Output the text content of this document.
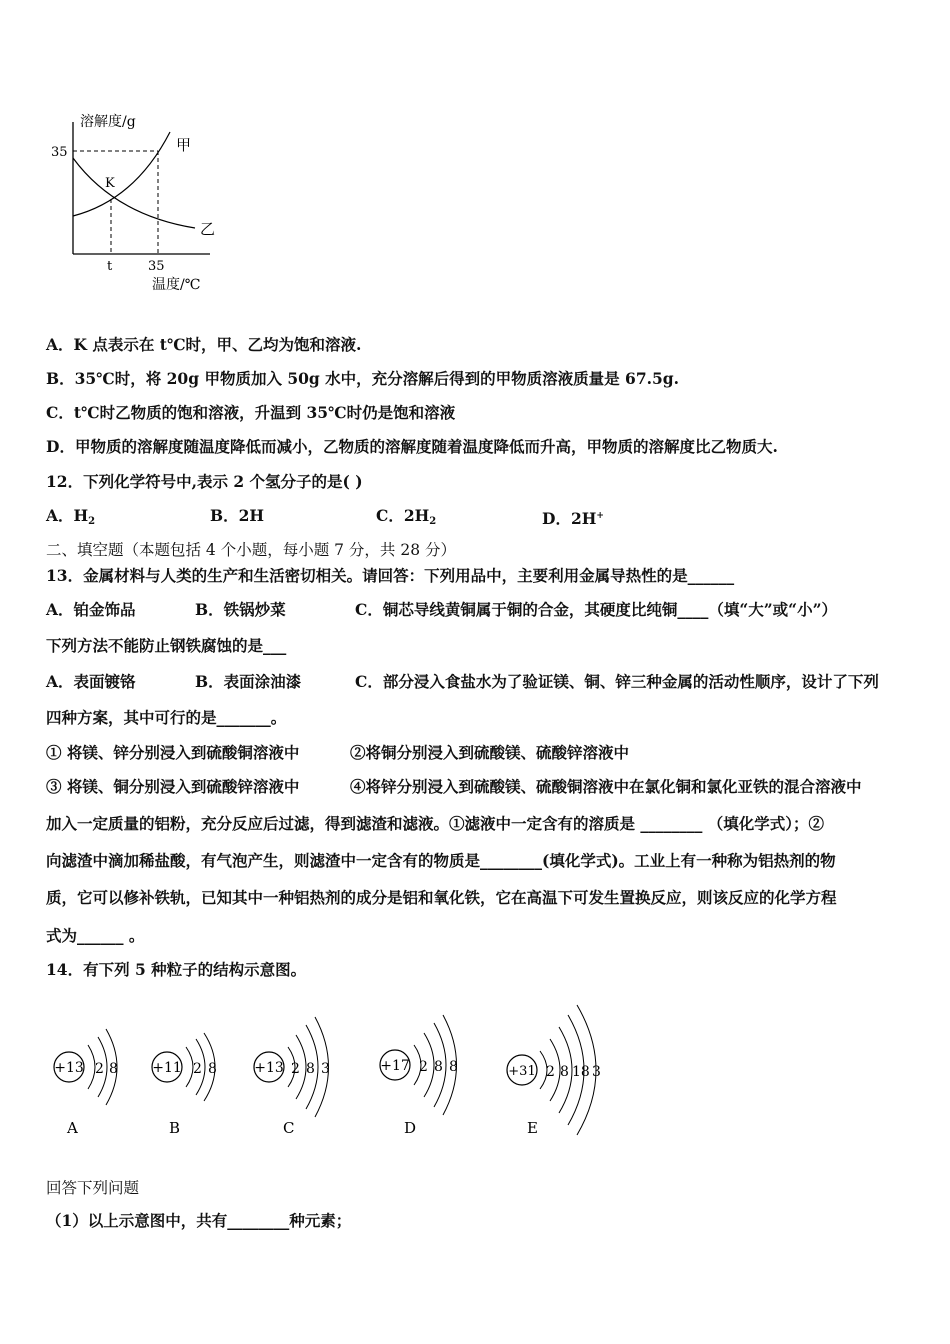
溶解度/g
35
K
甲
乙
t	35
温度/℃
A．K 点表示在 t℃时，甲、乙均为饱和溶液.
B．35℃时，将 20g 甲物质加入 50g 水中，充分溶解后得到的甲物质溶液质量是 67.5g.
C．t℃时乙物质的饱和溶液，升温到 35℃时仍是饱和溶液
D．甲物质的溶解度随温度降低而减小，乙物质的溶解度随着温度降低而升高，甲物质的溶解度比乙物质大.
12．下列化学符号中,表示 2 个氢分子的是( )
A．$H_2$	B．2H	C．$2H_2$	D．2H+
二、填空题（本题包括 4 个小题，每小题 7 分，共 28 分）
13．金属材料与人类的生产和生活密切相关。请回答：下列用品中，主要利用金属导热性的是______
A．铂金饰品	B．铁锅炒菜	C．铜芯导线黄铜属于铜的合金，其硬度比纯铜____（填“大”或“小”）
下列方法不能防止钢铁腐蚀的是___
A．表面镀铬	B．表面涂油漆	C．部分浸入食盐水为了验证镁、铜、锌三种金属的活动性顺序，设计了下列
四种方案，其中可行的是_______。
① 将镁、锌分别浸入到硫酸铜溶液中	②将铜分别浸入到硫酸镁、硫酸锌溶液中
③ 将镁、铜分别浸入到硫酸锌溶液中	④将锌分别浸入到硫酸镁、硫酸铜溶液中在氯化铜和氯化亚铁的混合溶液中
加入一定质量的铝粉，充分反应后过滤，得到滤渣和滤液。①滤液中一定含有的溶质是 ________ （填化学式）；②
向滤渣中滴加稀盐酸，有气泡产生，则滤渣中一定含有的物质是________(填化学式)。工业上有一种称为铝热剂的物
质，它可以修补铁轨，已知其中一种铝热剂的成分是铝和氧化铁，它在高温下可发生置换反应，则该反应的化学方程
式为______ 。
14．有下列 5 种粒子的结构示意图。
+13 2 8
A
+11 2 8
B
+13 2 8 3
C
+17 2 8 8
D
+31 2 8 18 3
E
回答下列问题
（1）以上示意图中，共有________种元素；
